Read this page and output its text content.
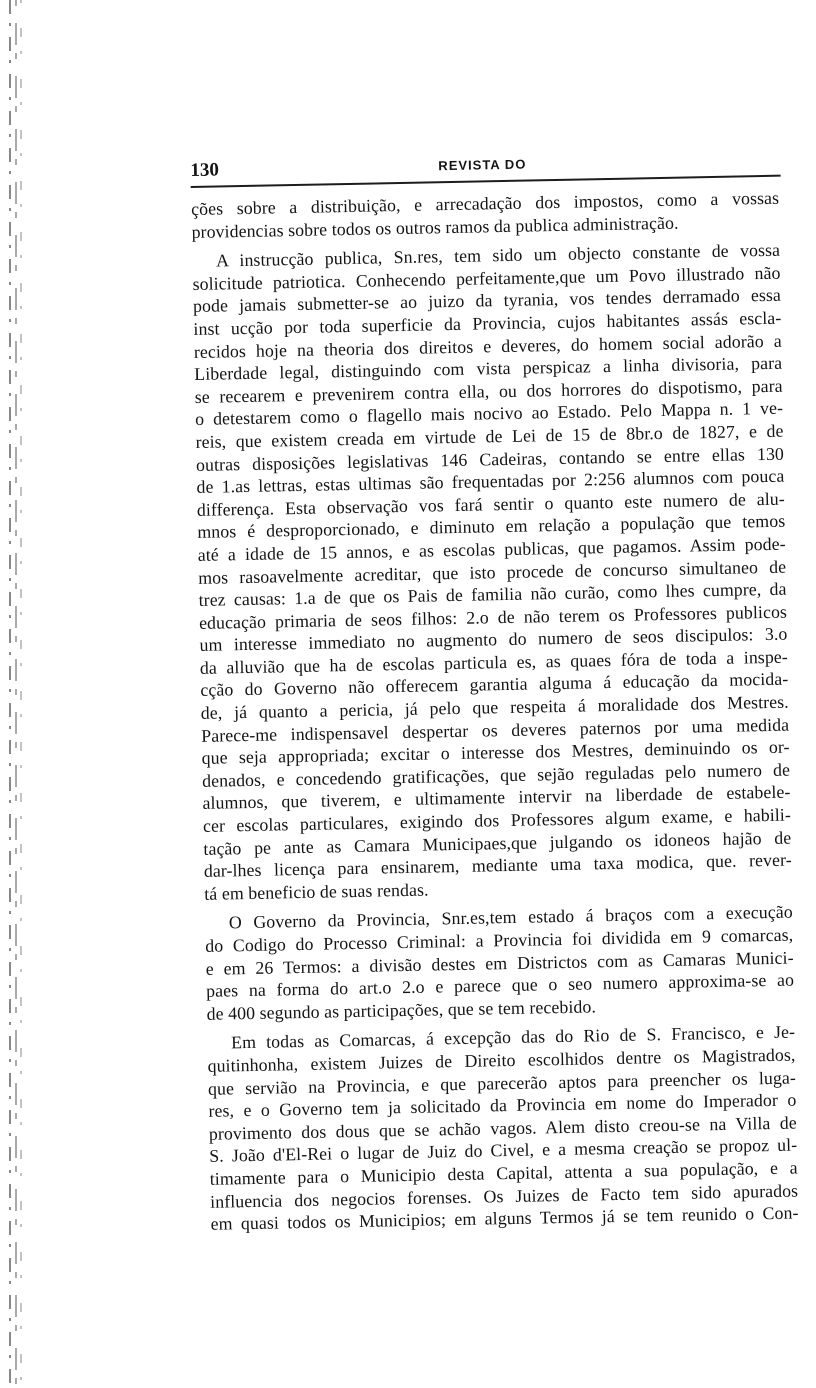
130	REVISTA DO

ções sobre a distribuição, e arrecadação dos impostos, como a vossas

providencias sobre todos os outros ramos da publica administração.

A instrucção publica, Sn.res, tem sido um objecto constante de vossa

solicitude patriotica. Conhecendo perfeitamente,que um Povo illustrado não

pode jamais submetter-se ao juizo da tyrania, vos tendes derramado essa

inst ucção por toda superficie da Provincia, cujos habitantes assás escla-

recidos hoje na theoria dos direitos e deveres, do homem social adorão a

Liberdade legal, distinguindo com vista perspicaz a linha divisoria, para

se recearem e prevenirem contra ella, ou dos horrores do dispotismo, para

o detestarem como o flagello mais nocivo ao Estado. Pelo Mappa n. 1 ve-

reis, que existem creada em virtude de Lei de 15 de 8br.o de 1827, e de

outras disposições legislativas 146 Cadeiras, contando se entre ellas 130

de 1.as lettras, estas ultimas são frequentadas por 2:256 alumnos com pouca

differença. Esta observação vos fará sentir o quanto este numero de alu-

mnos é desproporcionado, e diminuto em relação a população que temos

até a idade de 15 annos, e as escolas publicas, que pagamos. Assim pode-

mos rasoavelmente acreditar, que isto procede de concurso simultaneo de

trez causas: 1.a de que os Pais de familia não curão, como lhes cumpre, da

educação primaria de seos filhos: 2.o de não terem os Professores publicos

um interesse immediato no augmento do numero de seos discipulos: 3.o

da alluvião que ha de escolas particula es, as quaes fóra de toda a inspe-

cção do Governo não offerecem garantia alguma á educação da mocida-

de, já quanto a pericia, já pelo que respeita á moralidade dos Mestres.

Parece-me indispensavel despertar os deveres paternos por uma medida

que seja appropriada; excitar o interesse dos Mestres, deminuindo os or-

denados, e concedendo gratificações, que sejão reguladas pelo numero de

alumnos, que tiverem, e ultimamente intervir na liberdade de estabele-

cer escolas particulares, exigindo dos Professores algum exame, e habili-

tação pe ante as Camara Municipaes,que julgando os idoneos hajão de

dar-lhes licença para ensinarem, mediante uma taxa modica, que. rever-

tá em beneficio de suas rendas.

O Governo da Provincia, Snr.es,tem estado á braços com a execução

do Codigo do Processo Criminal: a Provincia foi dividida em 9 comarcas,

e em 26 Termos: a divisão destes em Districtos com as Camaras Munici-

paes na forma do art.o 2.o e parece que o seo numero approxima-se ao

de 400 segundo as participações, que se tem recebido.

Em todas as Comarcas, á excepção das do Rio de S. Francisco, e Je-

quitinhonha, existem Juizes de Direito escolhidos dentre os Magistrados,

que servião na Provincia, e que parecerão aptos para preencher os luga-

res, e o Governo tem ja solicitado da Provincia em nome do Imperador o

provimento dos dous que se achão vagos. Alem disto creou-se na Villa de

S. João d'El-Rei o lugar de Juiz do Civel, e a mesma creação se propoz ul-

timamente para o Municipio desta Capital, attenta a sua população, e a

influencia dos negocios forenses. Os Juizes de Facto tem sido apurados

em quasi todos os Municipios; em alguns Termos já se tem reunido o Con-
